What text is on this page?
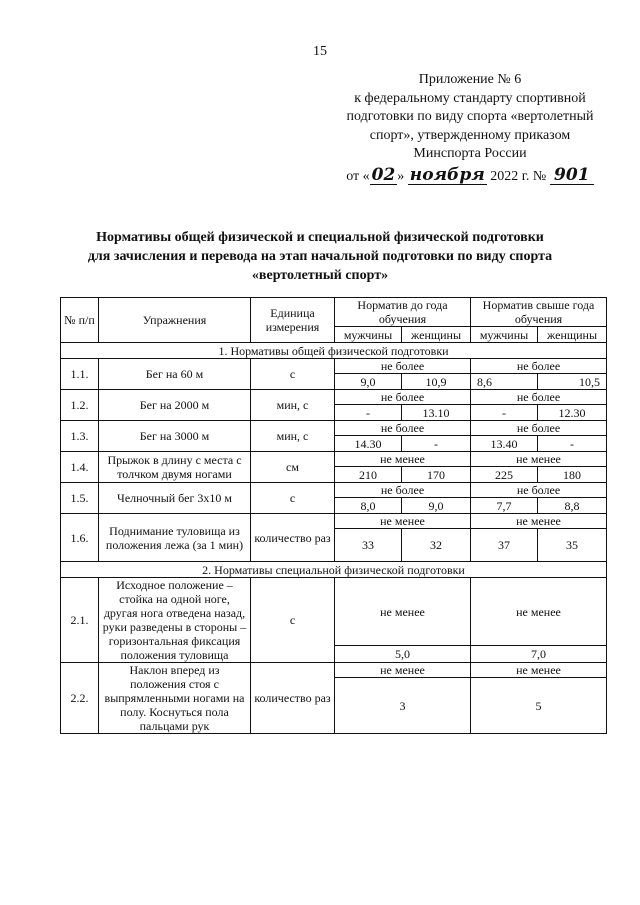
15
Приложение № 6
к федеральному стандарту спортивной
подготовки по виду спорта «вертолетный
спорт», утвержденному приказом
Минспорта России
от « 02 » ноября 2022 г. № 901
Нормативы общей физической и специальной физической подготовки
для зачисления и перевода на этап начальной подготовки по виду спорта
«вертолетный спорт»
№ п/п	Упражнения	Единица измерения	Норматив до года обучения		Норматив свыше года обучения	
			мужчины	женщины	мужчины	женщины
1. Нормативы общей физической подготовки						
1.1.	Бег на 60 м	с	не более		не более	
			9,0	10,9	8,6	10,5
1.2.	Бег на 2000 м	мин, с	не более		не более	
			-	13.10	-	12.30
1.3.	Бег на 3000 м	мин, с	не более		не более	
			14.30	-	13.40	-
1.4.	Прыжок в длину с места с толчком двумя ногами	см	не менее		не менее	
			210	170	225	180
1.5.	Челночный бег 3х10 м	с	не более		не более	
			8,0	9,0	7,7	8,8
1.6.	Поднимание туловища из положения лежа (за 1 мин)	количество раз	не менее		не менее	
			33	32	37	35
2. Нормативы специальной физической подготовки						
2.1.	Исходное положение – стойка на одной ноге, другая нога отведена назад, руки разведены в стороны – горизонтальная фиксация положения туловища	с	не менее		не менее	
			5,0		7,0	
2.2.	Наклон вперед из положения стоя с выпрямленными ногами на полу. Коснуться пола пальцами рук	количество раз	не менее		не менее	
			3		5	
